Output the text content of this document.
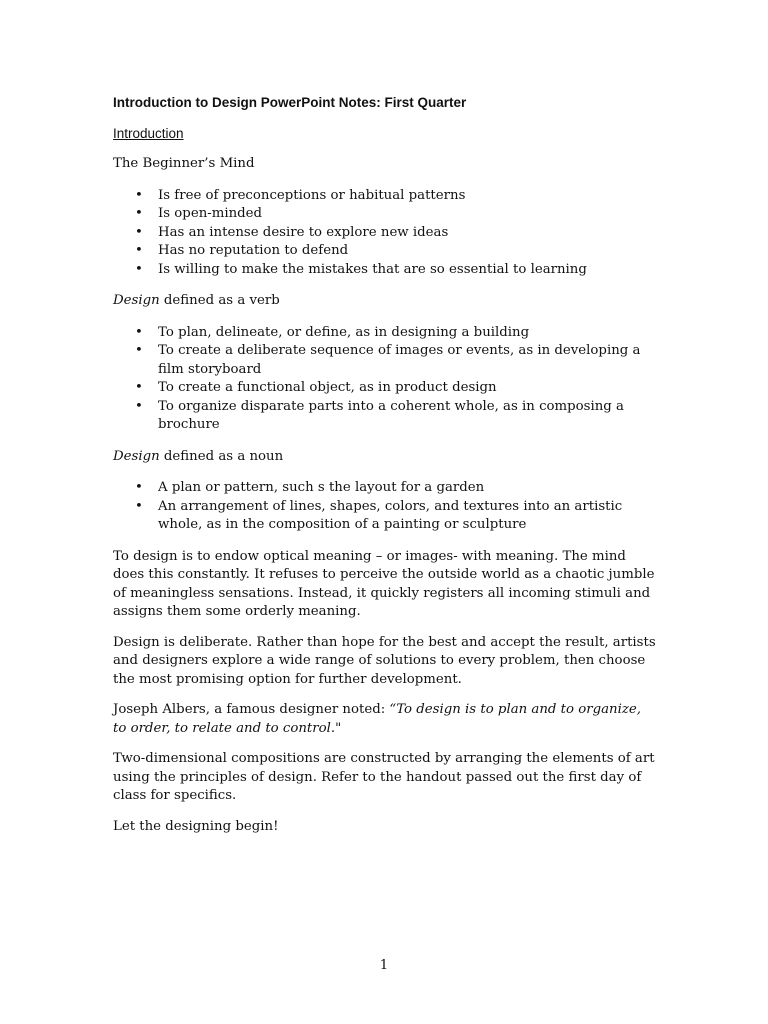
Introduction to Design PowerPoint Notes: First Quarter
Introduction

The Beginner’s Mind

• Is free of preconceptions or habitual patterns
• Is open-minded
• Has an intense desire to explore new ideas
• Has no reputation to defend
• Is willing to make the mistakes that are so essential to learning

Design defined as a verb

• To plan, delineate, or define, as in designing a building
• To create a deliberate sequence of images or events, as in developing a film storyboard
• To create a functional object, as in product design
• To organize disparate parts into a coherent whole, as in composing a brochure

Design defined as a noun

• A plan or pattern, such s the layout for a garden
• An arrangement of lines, shapes, colors, and textures into an artistic whole, as in the composition of a painting or sculpture

To design is to endow optical meaning – or images- with meaning. The mind does this constantly. It refuses to perceive the outside world as a chaotic jumble of meaningless sensations. Instead, it quickly registers all incoming stimuli and assigns them some orderly meaning.

Design is deliberate. Rather than hope for the best and accept the result, artists and designers explore a wide range of solutions to every problem, then choose the most promising option for further development.

Joseph Albers, a famous designer noted: “To design is to plan and to organize, to order, to relate and to control."

Two-dimensional compositions are constructed by arranging the elements of art using the principles of design. Refer to the handout passed out the first day of class for specifics.

Let the designing begin!

1
